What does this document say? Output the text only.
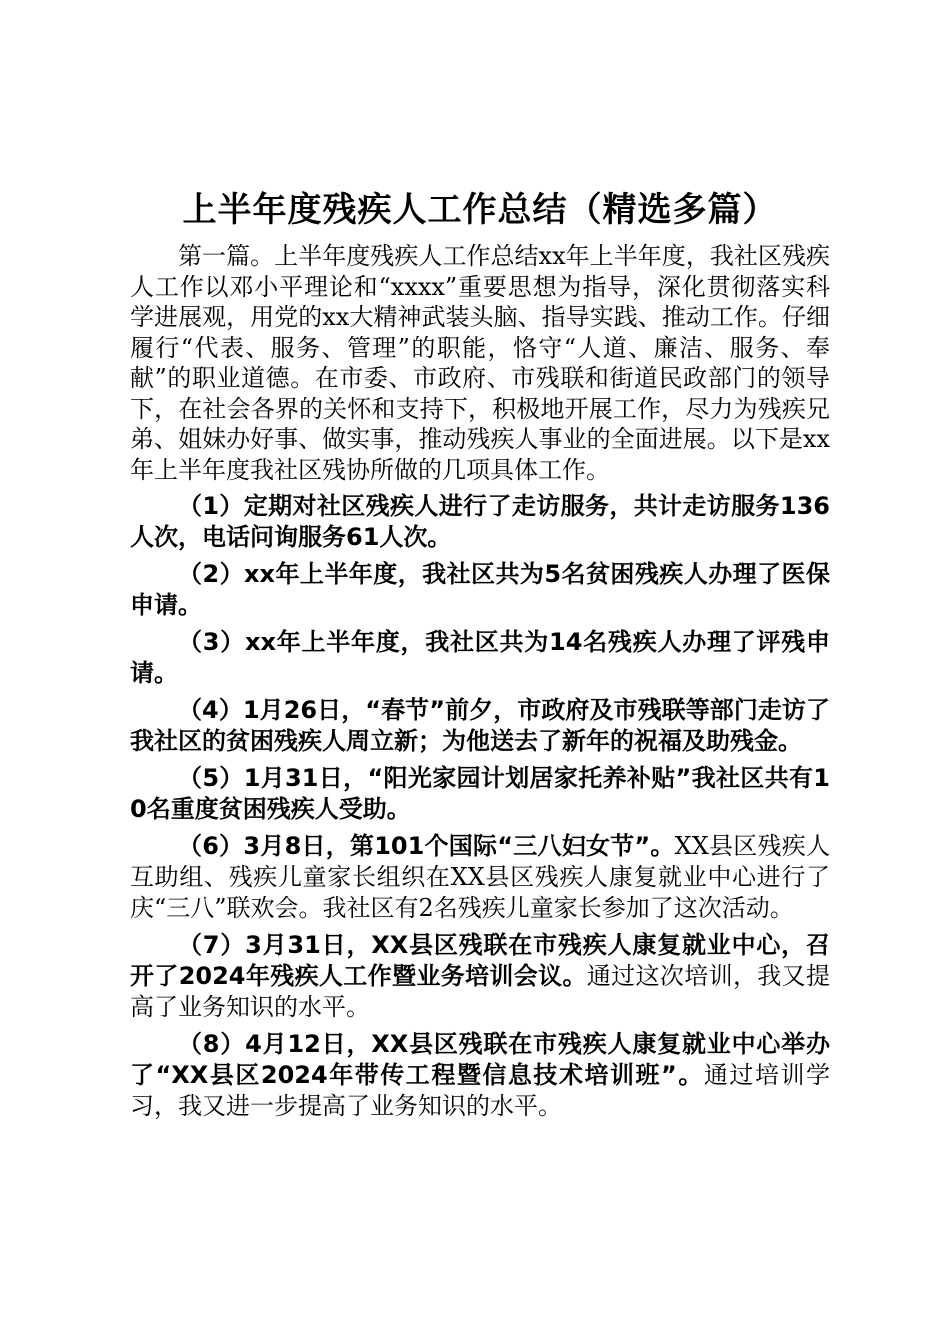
上半年度残疾人工作总结（精选多篇）

第一篇。上半年度残疾人工作总结xx年上半年度，我社区残疾人工作以邓小平理论和“xxxx”重要思想为指导，深化贯彻落实科学进展观，用党的xx大精神武装头脑、指导实践、推动工作。仔细履行“代表、服务、管理”的职能，恪守“人道、廉洁、服务、奉献”的职业道德。在市委、市政府、市残联和街道民政部门的领导下，在社会各界的关怀和支持下，积极地开展工作，尽力为残疾兄弟、姐妹办好事、做实事，推动残疾人事业的全面进展。以下是xx年上半年度我社区残协所做的几项具体工作。

（1）定期对社区残疾人进行了走访服务，共计走访服务136人次，电话问询服务61人次。

（2）xx年上半年度，我社区共为5名贫困残疾人办理了医保申请。

（3）xx年上半年度，我社区共为14名残疾人办理了评残申请。

（4）1月26日，“春节”前夕，市政府及市残联等部门走访了我社区的贫困残疾人周立新；为他送去了新年的祝福及助残金。

（5）1月31日，“阳光家园计划居家托养补贴”我社区共有10名重度贫困残疾人受助。

（6）3月8日，第101个国际“三八妇女节”。XX县区残疾人互助组、残疾儿童家长组织在XX县区残疾人康复就业中心进行了庆“三八”联欢会。我社区有2名残疾儿童家长参加了这次活动。

（7）3月31日，XX县区残联在市残疾人康复就业中心，召开了2024年残疾人工作暨业务培训会议。通过这次培训，我又提高了业务知识的水平。

（8）4月12日，XX县区残联在市残疾人康复就业中心举办了“XX县区2024年带传工程暨信息技术培训班”。通过培训学习，我又进一步提高了业务知识的水平。
